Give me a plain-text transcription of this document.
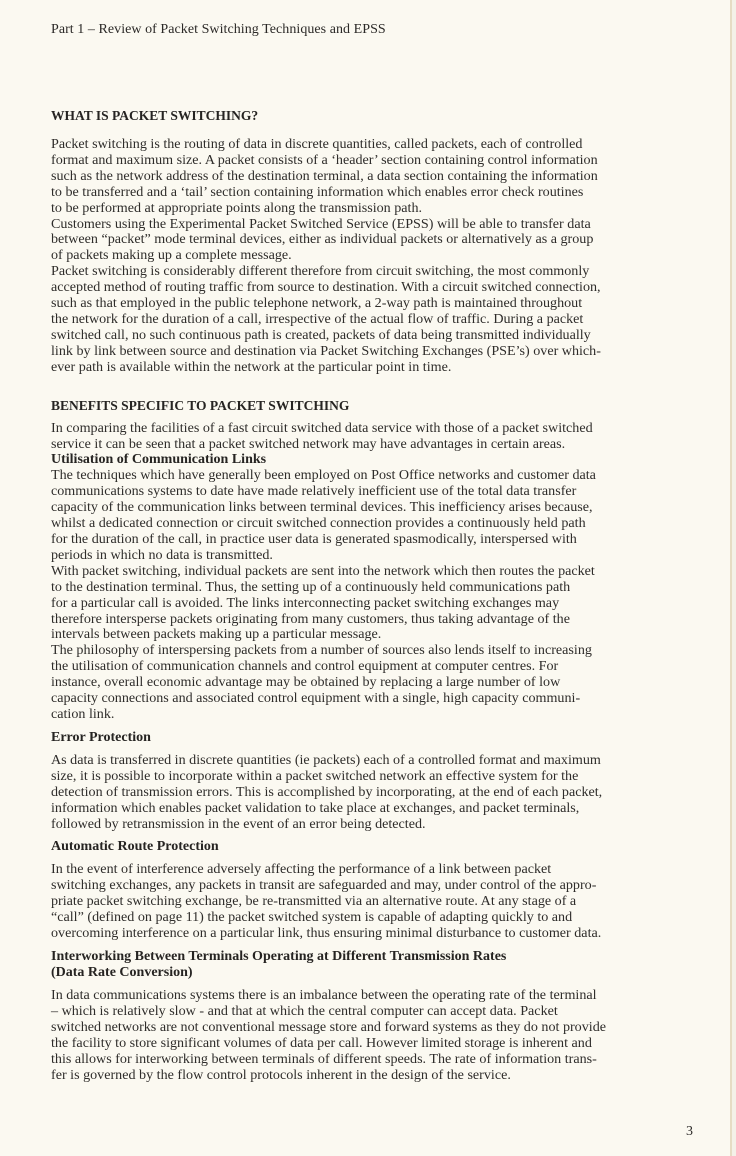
Part 1 – Review of Packet Switching Techniques and EPSS
WHAT IS PACKET SWITCHING?

Packet switching is the routing of data in discrete quantities, called packets, each of controlled
format and maximum size. A packet consists of a ‘header’ section containing control information
such as the network address of the destination terminal, a data section containing the information
to be transferred and a ‘tail’ section containing information which enables error check routines
to be performed at appropriate points along the transmission path.

Customers using the Experimental Packet Switched Service (EPSS) will be able to transfer data
between “packet” mode terminal devices, either as individual packets or alternatively as a group
of packets making up a complete message.

Packet switching is considerably different therefore from circuit switching, the most commonly
accepted method of routing traffic from source to destination. With a circuit switched connection,
such as that employed in the public telephone network, a 2-way path is maintained throughout
the network for the duration of a call, irrespective of the actual flow of traffic. During a packet
switched call, no such continuous path is created, packets of data being transmitted individually
link by link between source and destination via Packet Switching Exchanges (PSE’s) over which-
ever path is available within the network at the particular point in time.

BENEFITS SPECIFIC TO PACKET SWITCHING

In comparing the facilities of a fast circuit switched data service with those of a packet switched
service it can be seen that a packet switched network may have advantages in certain areas.

Utilisation of Communication Links

The techniques which have generally been employed on Post Office networks and customer data
communications systems to date have made relatively inefficient use of the total data transfer
capacity of the communication links between terminal devices. This inefficiency arises because,
whilst a dedicated connection or circuit switched connection provides a continuously held path
for the duration of the call, in practice user data is generated spasmodically, interspersed with
periods in which no data is transmitted.

With packet switching, individual packets are sent into the network which then routes the packet
to the destination terminal. Thus, the setting up of a continuously held communications path
for a particular call is avoided. The links interconnecting packet switching exchanges may
therefore intersperse packets originating from many customers, thus taking advantage of the
intervals between packets making up a particular message.

The philosophy of interspersing packets from a number of sources also lends itself to increasing
the utilisation of communication channels and control equipment at computer centres. For
instance, overall economic advantage may be obtained by replacing a large number of low
capacity connections and associated control equipment with a single, high capacity communi-
cation link.

Error Protection

As data is transferred in discrete quantities (ie packets) each of a controlled format and maximum
size, it is possible to incorporate within a packet switched network an effective system for the
detection of transmission errors. This is accomplished by incorporating, at the end of each packet,
information which enables packet validation to take place at exchanges, and packet terminals,
followed by retransmission in the event of an error being detected.

Automatic Route Protection

In the event of interference adversely affecting the performance of a link between packet
switching exchanges, any packets in transit are safeguarded and may, under control of the appro-
priate packet switching exchange, be re-transmitted via an alternative route. At any stage of a
“call” (defined on page 11) the packet switched system is capable of adapting quickly to and
overcoming interference on a particular link, thus ensuring minimal disturbance to customer data.

Interworking Between Terminals Operating at Different Transmission Rates
(Data Rate Conversion)

In data communications systems there is an imbalance between the operating rate of the terminal
– which is relatively slow - and that at which the central computer can accept data. Packet
switched networks are not conventional message store and forward systems as they do not provide
the facility to store significant volumes of data per call. However limited storage is inherent and
this allows for interworking between terminals of different speeds. The rate of information trans-
fer is governed by the flow control protocols inherent in the design of the service.

3
